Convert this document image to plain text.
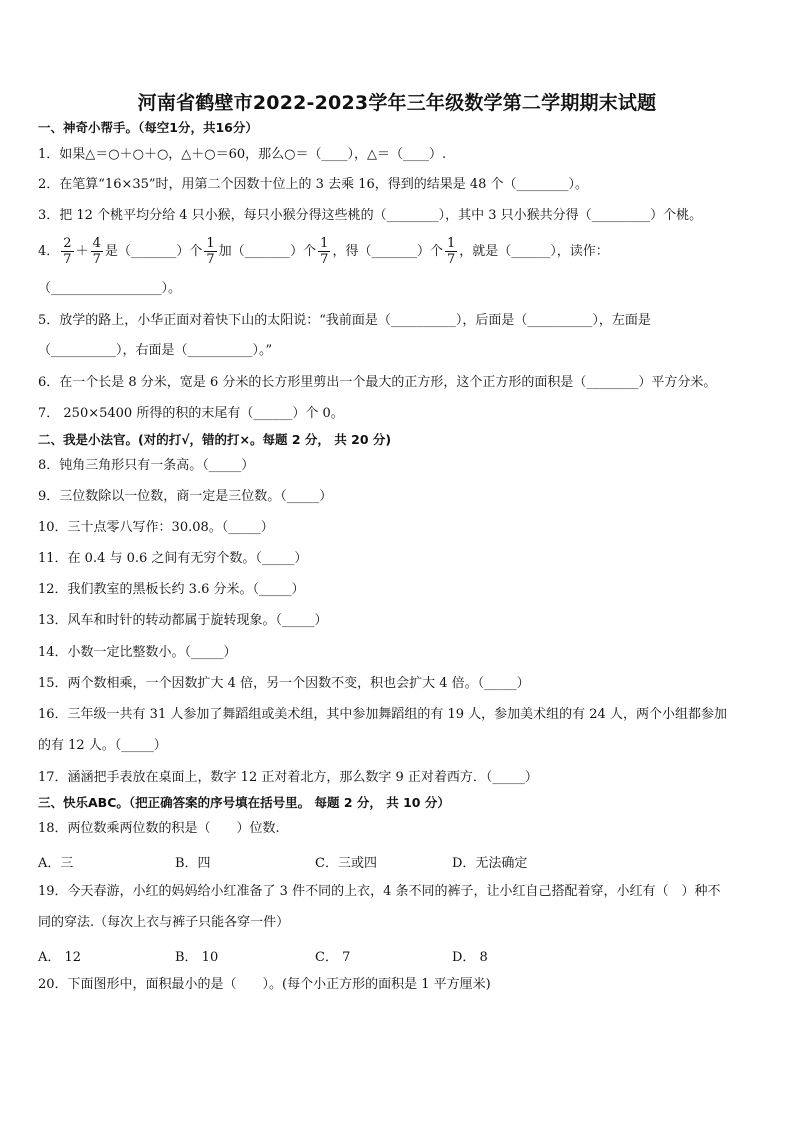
河南省鹤壁市2022-2023学年三年级数学第二学期期末试题
一、神奇小帮手。（每空1分，共16分）
1．如果△＝○＋○＋○，△＋○＝60，那么○＝（____），△＝（____）.
2．在笔算“16×35”时，用第二个因数十位上的 3 去乘 16，得到的结果是 48 个（________）。
3．把 12 个桃平均分给 4 只小猴，每只小猴分得这些桃的（________），其中 3 只小猴共分得（_________）个桃。
4． $\frac{2}{7} + \frac{4}{7}$ 是（_______）个 $\frac{1}{7}$ 加（_______）个 $\frac{1}{7}$ ，得（_______）个 $\frac{1}{7}$ ，就是（______），读作：
（_________________）。
5．放学的路上，小华正面对着快下山的太阳说：“我前面是（__________），后面是（__________），左面是
（__________），右面是（__________）。”
6．在一个长是 8 分米，宽是 6 分米的长方形里剪出一个最大的正方形，这个正方形的面积是（________）平方分米。
7． 250×5400 所得的积的末尾有（______）个 0。
二、我是小法官。(对的打√，错的打×。每题 2 分， 共 20 分)
8．钝角三角形只有一条高。（_____）
9．三位数除以一位数，商一定是三位数。（_____）
10．三十点零八写作：30.08。（_____）
11．在 0.4 与 0.6 之间有无穷个数。（_____）
12．我们教室的黑板长约 3.6 分米。（_____）
13．风车和时针的转动都属于旋转现象。（_____）
14．小数一定比整数小。（_____）
15．两个数相乘，一个因数扩大 4 倍，另一个因数不变，积也会扩大 4 倍。（_____）
16．三年级一共有 31 人参加了舞蹈组或美术组，其中参加舞蹈组的有 19 人，参加美术组的有 24 人，两个小组都参加
的有 12 人。（_____）
17．涵涵把手表放在桌面上，数字 12 正对着北方，那么数字 9 正对着西方．（_____）
三、快乐ABC。（把正确答案的序号填在括号里。 每题 2 分， 共 10 分）
18．两位数乘两位数的积是（　　）位数.
A．三	B．四	C．三或四	D．无法确定
19．今天春游，小红的妈妈给小红准备了 3 件不同的上衣，4 条不同的裤子，让小红自己搭配着穿，小红有（　）种不
同的穿法.（每次上衣与裤子只能各穿一件）
A． 12	B． 10	C． 7	D． 8
20．下面图形中，面积最小的是（　　）。(每个小正方形的面积是 1 平方厘米)
